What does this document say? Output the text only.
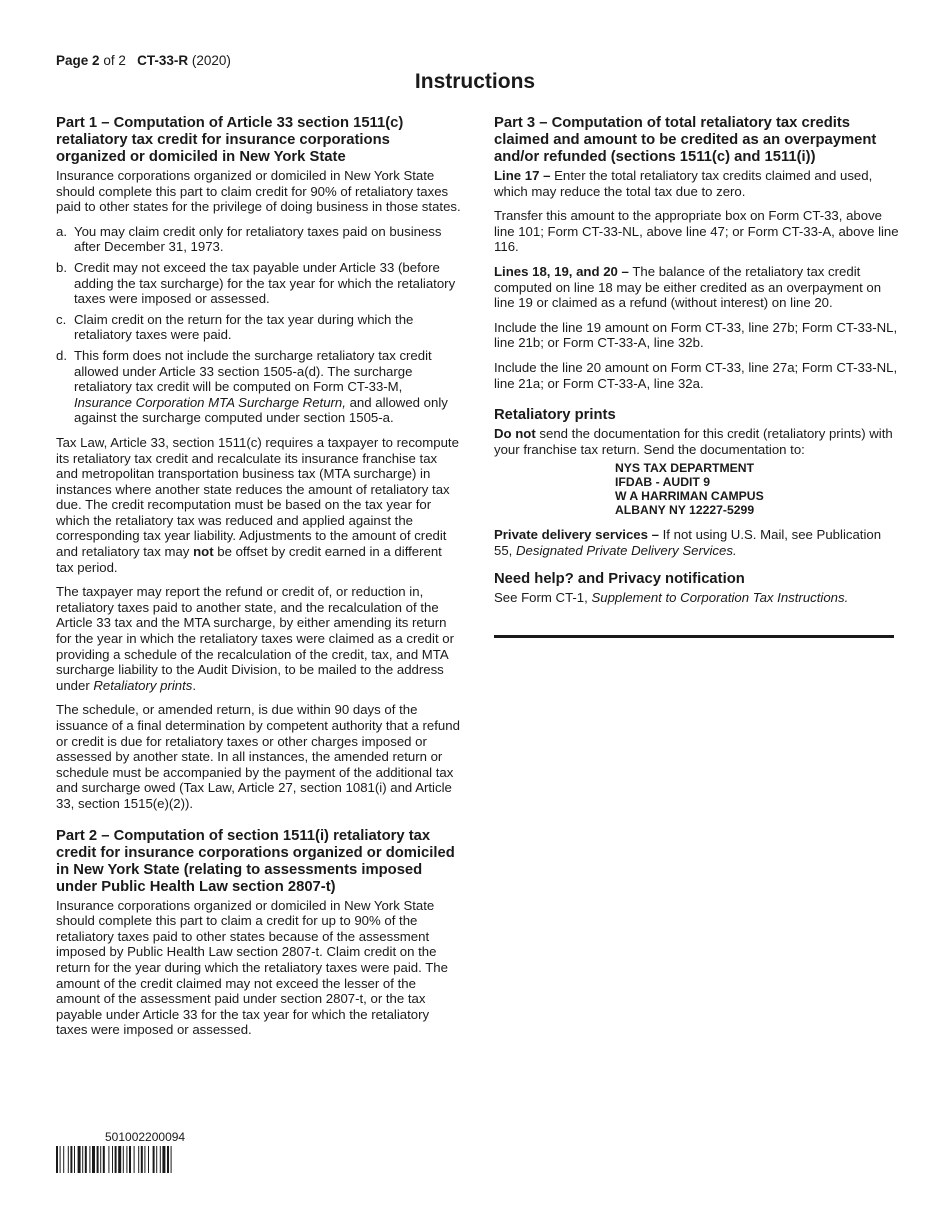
Page 2 of 2 CT-33-R (2020)
Instructions
Part 1 – Computation of Article 33 section 1511(c) retaliatory tax credit for insurance corporations organized or domiciled in New York State

Insurance corporations organized or domiciled in New York State should complete this part to claim credit for 90% of retaliatory taxes paid to other states for the privilege of doing business in those states.

a. You may claim credit only for retaliatory taxes paid on business after December 31, 1973.
b. Credit may not exceed the tax payable under Article 33 (before adding the tax surcharge) for the tax year for which the retaliatory taxes were imposed or assessed.
c. Claim credit on the return for the tax year during which the retaliatory taxes were paid.
d. This form does not include the surcharge retaliatory tax credit allowed under Article 33 section 1505-a(d). The surcharge retaliatory tax credit will be computed on Form CT-33-M, Insurance Corporation MTA Surcharge Return, and allowed only against the surcharge computed under section 1505-a.

Tax Law, Article 33, section 1511(c) requires a taxpayer to recompute its retaliatory tax credit and recalculate its insurance franchise tax and metropolitan transportation business tax (MTA surcharge) in instances where another state reduces the amount of retaliatory tax due. The credit recomputation must be based on the tax year for which the retaliatory tax was reduced and applied against the corresponding tax year liability. Adjustments to the amount of credit and retaliatory tax may not be offset by credit earned in a different tax period.

The taxpayer may report the refund or credit of, or reduction in, retaliatory taxes paid to another state, and the recalculation of the Article 33 tax and the MTA surcharge, by either amending its return for the year in which the retaliatory taxes were claimed as a credit or providing a schedule of the recalculation of the credit, tax, and MTA surcharge liability to the Audit Division, to be mailed to the address under Retaliatory prints.

The schedule, or amended return, is due within 90 days of the issuance of a final determination by competent authority that a refund or credit is due for retaliatory taxes or other charges imposed or assessed by another state. In all instances, the amended return or schedule must be accompanied by the payment of the additional tax and surcharge owed (Tax Law, Article 27, section 1081(i) and Article 33, section 1515(e)(2)).

Part 2 – Computation of section 1511(i) retaliatory tax credit for insurance corporations organized or domiciled in New York State (relating to assessments imposed under Public Health Law section 2807-t)

Insurance corporations organized or domiciled in New York State should complete this part to claim a credit for up to 90% of the retaliatory taxes paid to other states because of the assessment imposed by Public Health Law section 2807-t. Claim credit on the return for the year during which the retaliatory taxes were paid. The amount of the credit claimed may not exceed the lesser of the amount of the assessment paid under section 2807-t, or the tax payable under Article 33 for the tax year for which the retaliatory taxes were imposed or assessed.

Part 3 – Computation of total retaliatory tax credits claimed and amount to be credited as an overpayment and/or refunded (sections 1511(c) and 1511(i))

Line 17 – Enter the total retaliatory tax credits claimed and used, which may reduce the total tax due to zero.

Transfer this amount to the appropriate box on Form CT-33, above line 101; Form CT-33-NL, above line 47; or Form CT-33-A, above line 116.

Lines 18, 19, and 20 – The balance of the retaliatory tax credit computed on line 18 may be either credited as an overpayment on line 19 or claimed as a refund (without interest) on line 20.

Include the line 19 amount on Form CT-33, line 27b; Form CT-33-NL, line 21b; or Form CT-33-A, line 32b.

Include the line 20 amount on Form CT-33, line 27a; Form CT-33-NL, line 21a; or Form CT-33-A, line 32a.

Retaliatory prints

Do not send the documentation for this credit (retaliatory prints) with your franchise tax return. Send the documentation to:

NYS TAX DEPARTMENT
IFDAB - AUDIT 9
W A HARRIMAN CAMPUS
ALBANY NY 12227-5299

Private delivery services – If not using U.S. Mail, see Publication 55, Designated Private Delivery Services.

Need help? and Privacy notification

See Form CT-1, Supplement to Corporation Tax Instructions.

501002200094
